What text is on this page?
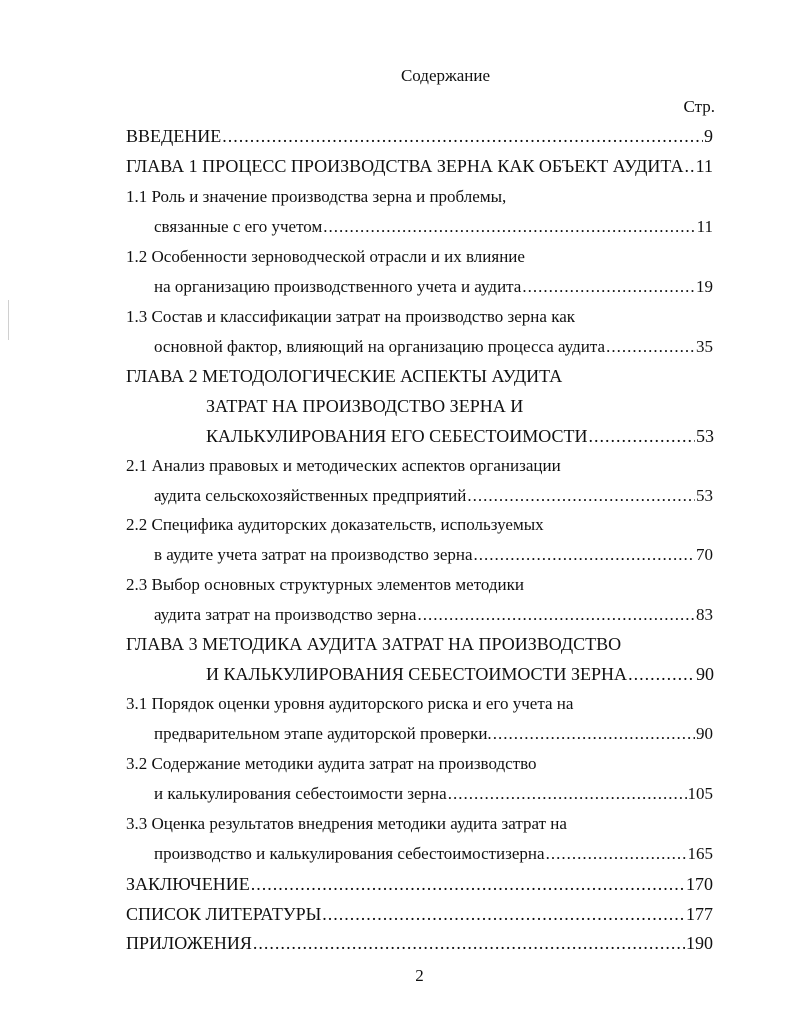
Содержание
Стр.
ВВЕДЕНИЕ .....	9
ГЛАВА 1 ПРОЦЕСС ПРОИЗВОДСТВА ЗЕРНА КАК ОБЪЕКТ АУДИТА ..... 11
1.1 Роль и значение производства зерна и проблемы,
связанные с его учетом .....	11
1.2 Особенности зерноводческой отрасли и их влияние
на организацию производственного учета и аудита .....	19
1.3 Состав и классификации затрат на производство зерна как
основной фактор, влияющий на организацию процесса аудита .....	35
ГЛАВА 2 МЕТОДОЛОГИЧЕСКИЕ АСПЕКТЫ АУДИТА
ЗАТРАТ НА ПРОИЗВОДСТВО ЗЕРНА И
КАЛЬКУЛИРОВАНИЯ ЕГО СЕБЕСТОИМОСТИ .....	53
2.1 Анализ правовых и методических аспектов организации
аудита сельскохозяйственных предприятий .....	53
2.2 Специфика аудиторских доказательств, используемых
в аудите учета затрат на производство зерна .....	70
2.3 Выбор основных структурных элементов методики
аудита затрат на производство зерна .....	83
ГЛАВА 3 МЕТОДИКА АУДИТА ЗАТРАТ НА ПРОИЗВОДСТВО
И КАЛЬКУЛИРОВАНИЯ СЕБЕСТОИМОСТИ ЗЕРНА .....	90
3.1 Порядок оценки уровня аудиторского риска и его учета на
предварительном этапе аудиторской проверки. .....	90
3.2 Содержание методики аудита затрат на производство
и калькулирования себестоимости зерна .....	105
3.3 Оценка результатов внедрения методики аудита затрат на
производство и калькулирования себестоимостизерна .....	165
ЗАКЛЮЧЕНИЕ .....	170
СПИСОК ЛИТЕРАТУРЫ .....	177
ПРИЛОЖЕНИЯ .....	190
2
